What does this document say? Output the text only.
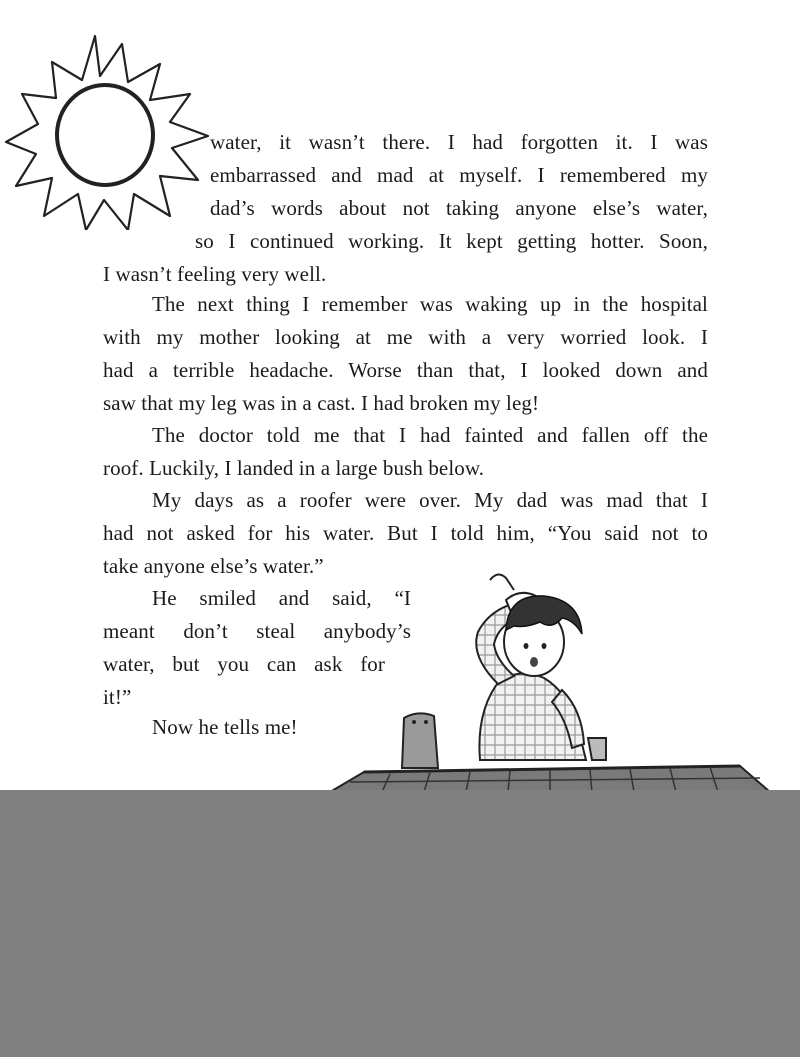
water, it wasn’t there. I had forgotten it. I was

embarrassed and mad at myself. I remembered my

dad’s words about not taking anyone else’s water,

so I continued working. It kept getting hotter. Soon,

I wasn’t feeling very well.

The next thing I remember was waking up in the hospital

with my mother looking at me with a very worried look. I

had a terrible headache. Worse than that, I looked down and

saw that my leg was in a cast. I had broken my leg!

The doctor told me that I had fainted and fallen off the

roof. Luckily, I landed in a large bush below.

My days as a roofer were over. My dad was mad that I

had not asked for his water. But I told him, “You said not to

take anyone else’s water.”

He smiled and said, “I

meant don’t steal anybody’s

water, but you can ask for

it!”

Now he tells me!
